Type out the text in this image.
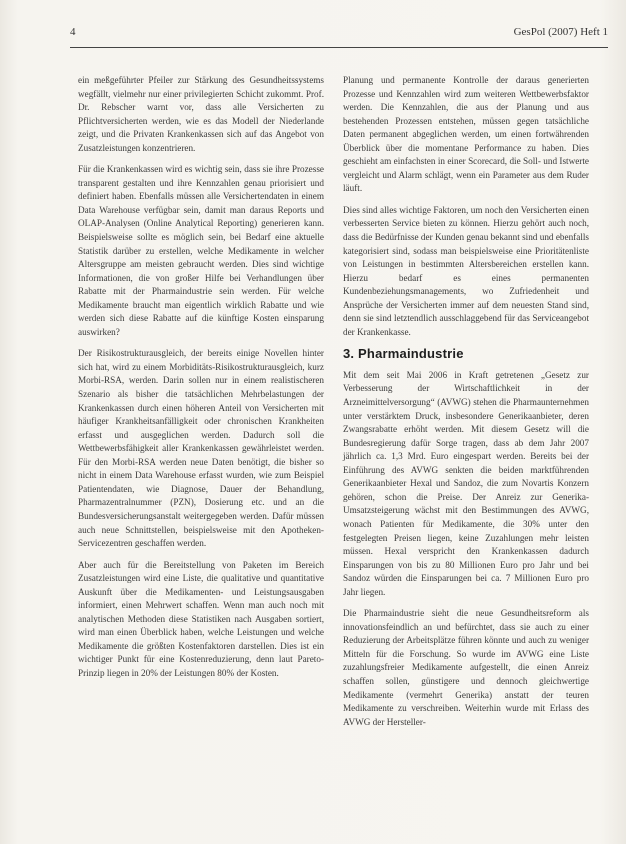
4	GesPol (2007) Heft 1

ein meßgeführter Pfeiler zur Stärkung des Gesundheitssystems wegfällt, vielmehr nur einer privilegierten Schicht zukommt. Prof. Dr. Rebscher warnt vor, dass alle Versicherten zu Pflichtversicherten werden, wie es das Modell der Niederlande zeigt, und die Privaten Krankenkassen sich auf das Angebot von Zusatzleistungen konzentrieren.

Für die Krankenkassen wird es wichtig sein, dass sie ihre Prozesse transparent gestalten und ihre Kennzahlen genau priorisiert und definiert haben. Ebenfalls müssen alle Versichertendaten in einem Data Warehouse verfügbar sein, damit man daraus Reports und OLAP-Analysen (Online Analytical Reporting) generieren kann. Beispielsweise sollte es möglich sein, bei Bedarf eine aktuelle Statistik darüber zu erstellen, welche Medikamente in welcher Altersgruppe am meisten gebraucht werden. Dies sind wichtige Informationen, die von großer Hilfe bei Verhandlungen über Rabatte mit der Pharmaindustrie sein werden. Für welche Medikamente braucht man eigentlich wirklich Rabatte und wie werden sich diese Rabatte auf die künftige Kosten einsparung auswirken?

Der Risikostrukturausgleich, der bereits einige Novellen hinter sich hat, wird zu einem Morbiditäts-Risikostrukturausgleich, kurz Morbi-RSA, werden. Darin sollen nur in einem realistischeren Szenario als bisher die tatsächlichen Mehrbelastungen der Krankenkassen durch einen höheren Anteil von Versicherten mit häufiger Krankheitsanfälligkeit oder chronischen Krankheiten erfasst und ausgeglichen werden. Dadurch soll die Wettbewerbsfähigkeit aller Krankenkassen gewährleistet werden. Für den Morbi-RSA werden neue Daten benötigt, die bisher so nicht in einem Data Warehouse erfasst wurden, wie zum Beispiel Patientendaten, wie Diagnose, Dauer der Behandlung, Pharmazentralnummer (PZN), Dosierung etc. und an die Bundesversicherungsanstalt weitergegeben werden. Dafür müssen auch neue Schnittstellen, beispielsweise mit den Apotheken-Servicezentren geschaffen werden.

Aber auch für die Bereitstellung von Paketen im Bereich Zusatzleistungen wird eine Liste, die qualitative und quantitative Auskunft über die Medikamenten- und Leistungsausgaben informiert, einen Mehrwert schaffen. Wenn man auch noch mit analytischen Methoden diese Statistiken nach Ausgaben sortiert, wird man einen Überblick haben, welche Leistungen und welche Medikamente die größten Kostenfaktoren darstellen. Dies ist ein wichtiger Punkt für eine Kostenreduzierung, denn laut Pareto-Prinzip liegen in 20% der Leistungen 80% der Kosten.

Planung und permanente Kontrolle der daraus generierten Prozesse und Kennzahlen wird zum weiteren Wettbewerbsfaktor werden. Die Kennzahlen, die aus der Planung und aus bestehenden Prozessen entstehen, müssen gegen tatsächliche Daten permanent abgeglichen werden, um einen fortwährenden Überblick über die momentane Performance zu haben. Dies geschieht am einfachsten in einer Scorecard, die Soll- und Istwerte vergleicht und Alarm schlägt, wenn ein Parameter aus dem Ruder läuft.

Dies sind alles wichtige Faktoren, um noch den Versicherten einen verbesserten Service bieten zu können. Hierzu gehört auch noch, dass die Bedürfnisse der Kunden genau bekannt sind und ebenfalls kategorisiert sind, sodass man beispielsweise eine Prioritätenliste von Leistungen in bestimmten Altersbereichen erstellen kann. Hierzu bedarf es eines permanenten Kundenbeziehungsmanagements, wo Zufriedenheit und Ansprüche der Versicherten immer auf dem neuesten Stand sind, denn sie sind letztendlich ausschlaggebend für das Serviceangebot der Krankenkasse.

3. Pharmaindustrie

Mit dem seit Mai 2006 in Kraft getretenen „Gesetz zur Verbesserung der Wirtschaftlichkeit in der Arzneimittelversorgung“ (AVWG) stehen die Pharmaunternehmen unter verstärktem Druck, insbesondere Generikaanbieter, deren Zwangsrabatte erhöht werden. Mit diesem Gesetz will die Bundesregierung dafür Sorge tragen, dass ab dem Jahr 2007 jährlich ca. 1,3 Mrd. Euro eingespart werden. Bereits bei der Einführung des AVWG senkten die beiden marktführenden Generikaanbieter Hexal und Sandoz, die zum Novartis Konzern gehören, schon die Preise. Der Anreiz zur Generika-Umsatzsteigerung wächst mit den Bestimmungen des AVWG, wonach Patienten für Medikamente, die 30% unter den festgelegten Preisen liegen, keine Zuzahlungen mehr leisten müssen. Hexal verspricht den Krankenkassen dadurch Einsparungen von bis zu 80 Millionen Euro pro Jahr und bei Sandoz würden die Einsparungen bei ca. 7 Millionen Euro pro Jahr liegen.

Die Pharmaindustrie sieht die neue Gesundheitsreform als innovationsfeindlich an und befürchtet, dass sie auch zu einer Reduzierung der Arbeitsplätze führen könnte und auch zu weniger Mitteln für die Forschung. So wurde im AVWG eine Liste zuzahlungsfreier Medikamente aufgestellt, die einen Anreiz schaffen sollen, günstigere und dennoch gleichwertige Medikamente (vermehrt Generika) anstatt der teuren Medikamente zu verschreiben. Weiterhin wurde mit Erlass des AVWG der Hersteller-
